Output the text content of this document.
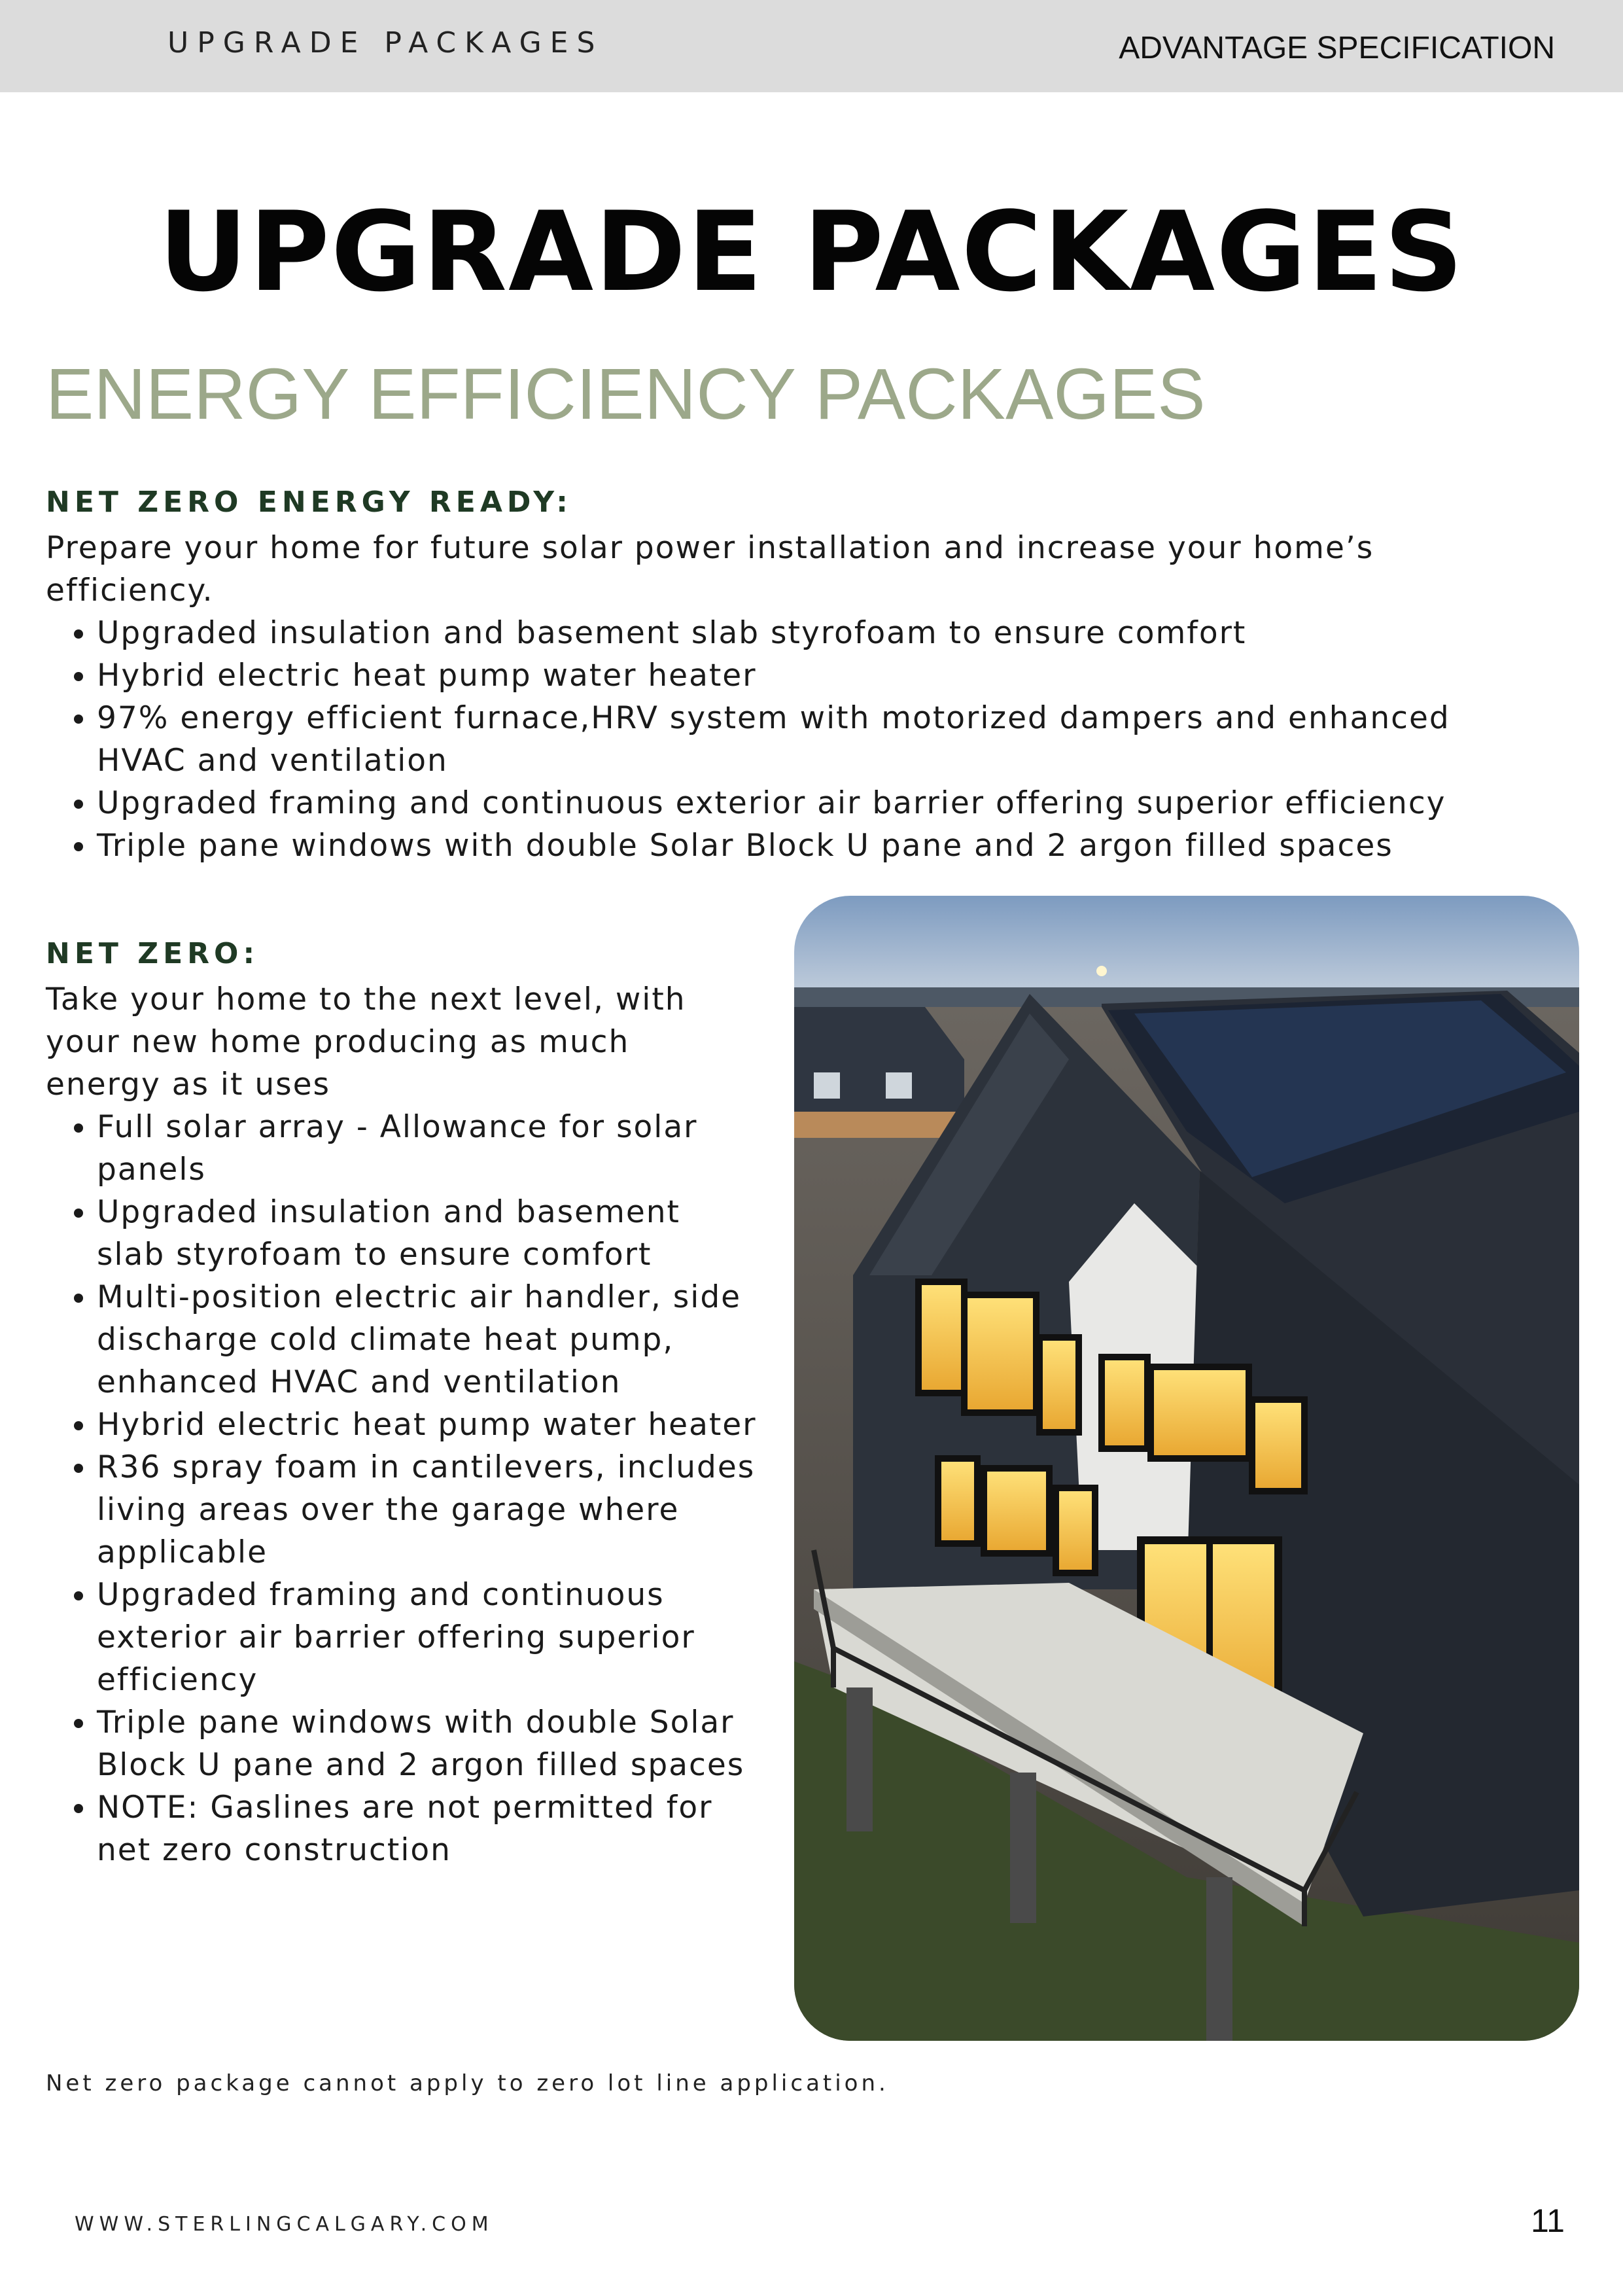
UPGRADE PACKAGES	ADVANTAGE SPECIFICATION
UPGRADE PACKAGES
ENERGY EFFICIENCY PACKAGES
NET ZERO ENERGY READY:

Prepare your home for future solar power installation and increase your home’s efficiency.

• Upgraded insulation and basement slab styrofoam to ensure comfort
• Hybrid electric heat pump water heater
• 97% energy efficient furnace,HRV system with motorized dampers and enhanced HVAC and ventilation
• Upgraded framing and continuous exterior air barrier offering superior efficiency
• Triple pane windows with double Solar Block U pane and 2 argon filled spaces
NET ZERO:

Take your home to the next level, with your new home producing as much energy as it uses

• Full solar array - Allowance for solar panels
• Upgraded insulation and basement slab styrofoam to ensure comfort
• Multi-position electric air handler, side discharge cold climate heat pump, enhanced HVAC and ventilation
• Hybrid electric heat pump water heater
• R36 spray foam in cantilevers, includes living areas over the garage where applicable
• Upgraded framing and continuous exterior air barrier offering superior efficiency
• Triple pane windows with double Solar Block U pane and 2 argon filled spaces
• NOTE: Gaslines are not permitted for net zero construction
Net zero package cannot apply to zero lot line application.
WWW.STERLINGCALGARY.COM	11
